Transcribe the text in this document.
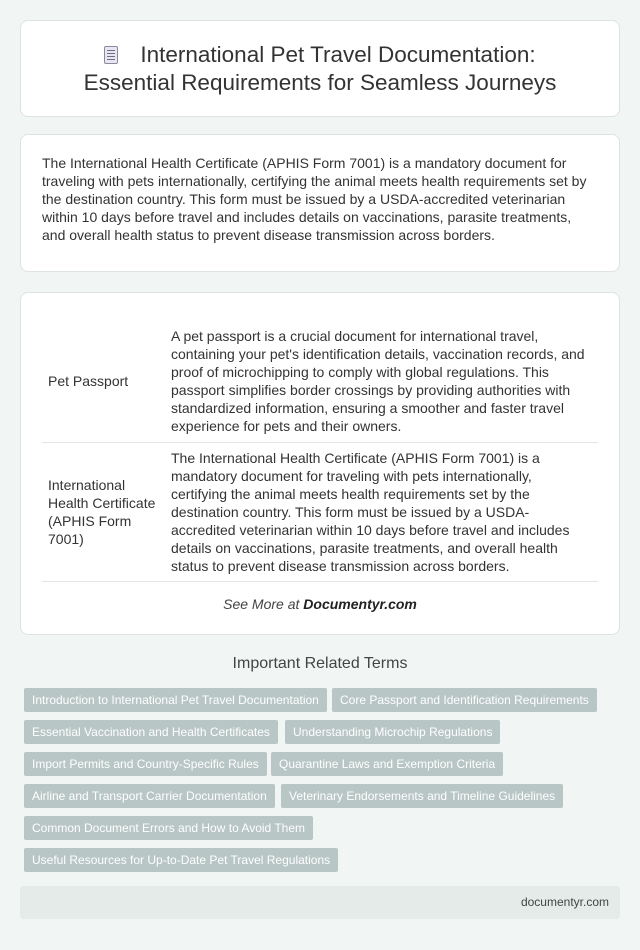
International Pet Travel Documentation:
Essential Requirements for Seamless Journeys

The International Health Certificate (APHIS Form 7001) is a mandatory document for traveling with pets internationally, certifying the animal meets health requirements set by the destination country. This form must be issued by a USDA-accredited veterinarian within 10 days before travel and includes details on vaccinations, parasite treatments, and overall health status to prevent disease transmission across borders.

Pet Passport	A pet passport is a crucial document for international travel, containing your pet's identification details, vaccination records, and proof of microchipping to comply with global regulations. This passport simplifies border crossings by providing authorities with standardized information, ensuring a smoother and faster travel experience for pets and their owners.
International Health Certificate (APHIS Form 7001)	The International Health Certificate (APHIS Form 7001) is a mandatory document for traveling with pets internationally, certifying the animal meets health requirements set by the destination country. This form must be issued by a USDA-accredited veterinarian within 10 days before travel and includes details on vaccinations, parasite treatments, and overall health status to prevent disease transmission across borders.
See More at Documentyr.com
Important Related Terms
Introduction to International Pet Travel Documentation	Core Passport and Identification Requirements
Essential Vaccination and Health Certificates	Understanding Microchip Regulations
Import Permits and Country-Specific Rules	Quarantine Laws and Exemption Criteria
Airline and Transport Carrier Documentation	Veterinary Endorsements and Timeline Guidelines
Common Document Errors and How to Avoid Them
Useful Resources for Up-to-Date Pet Travel Regulations
documentyr.com
